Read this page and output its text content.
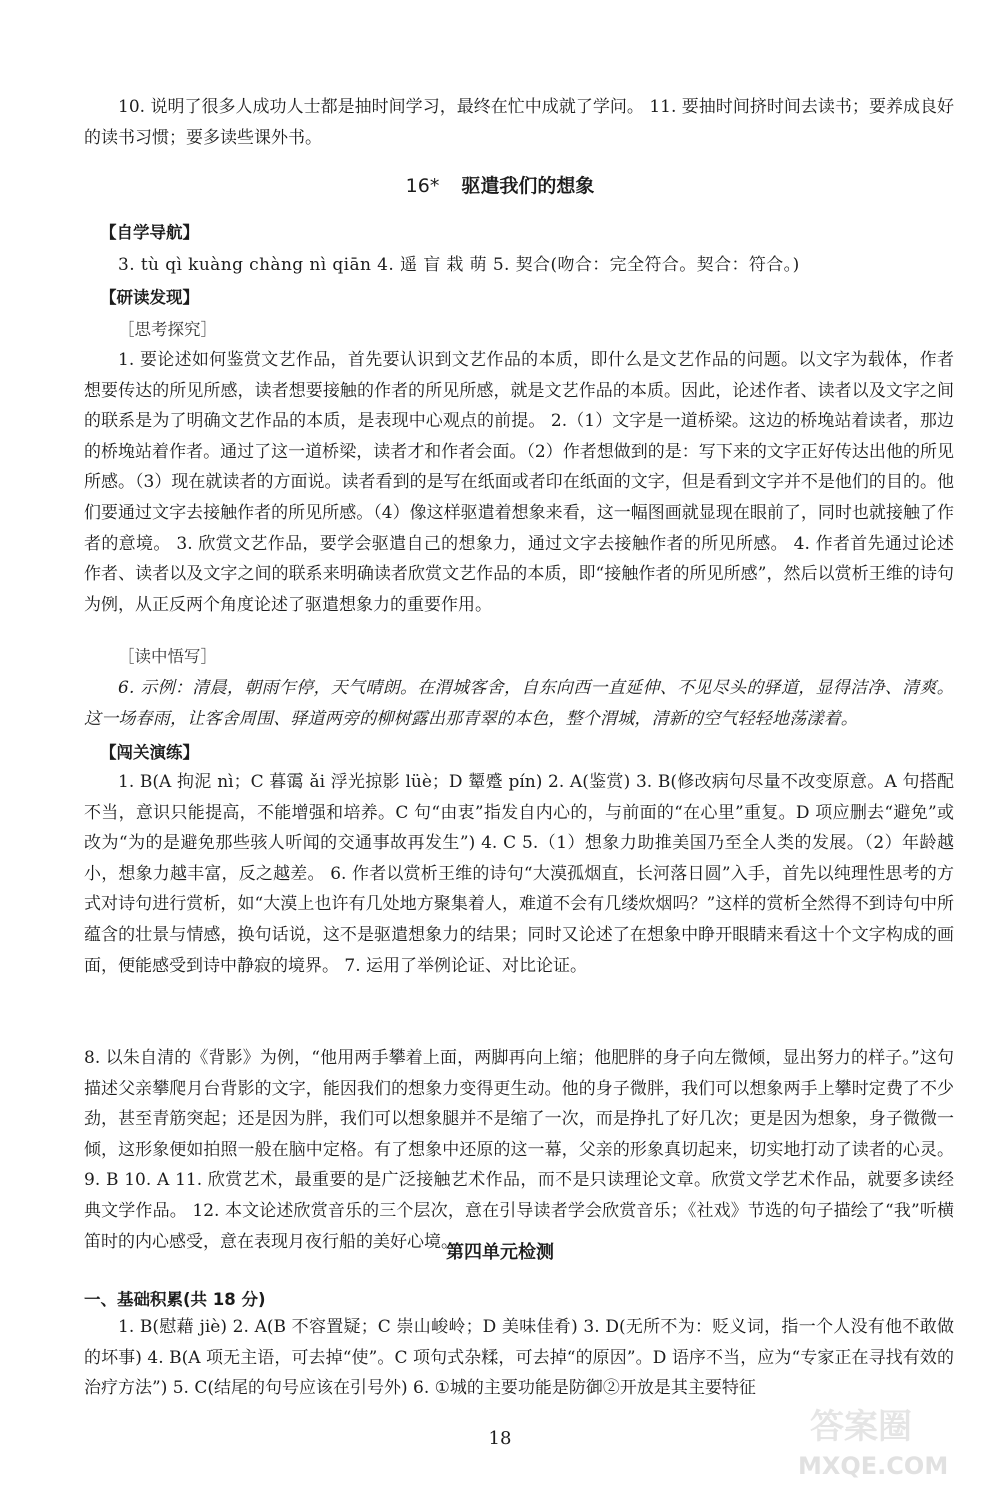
10. 说明了很多人成功人士都是抽时间学习，最终在忙中成就了学问。 11. 要抽时间挤时间去读书；要养成良好的读书习惯；要多读些课外书。

16* 驱遣我们的想象

【自学导航】

3. tù qì kuàng chàng nì qiān 4. 遥 盲 栽 萌 5. 契合(吻合：完全符合。契合：符合。)

【研读发现】

［思考探究］

1. 要论述如何鉴赏文艺作品，首先要认识到文艺作品的本质，即什么是文艺作品的问题。以文字为载体，作者想要传达的所见所感，读者想要接触的作者的所见所感，就是文艺作品的本质。因此，论述作者、读者以及文字之间的联系是为了明确文艺作品的本质，是表现中心观点的前提。 2.（1）文字是一道桥梁。这边的桥堍站着读者，那边的桥堍站着作者。通过了这一道桥梁，读者才和作者会面。（2）作者想做到的是：写下来的文字正好传达出他的所见所感。（3）现在就读者的方面说。读者看到的是写在纸面或者印在纸面的文字，但是看到文字并不是他们的目的。他们要通过文字去接触作者的所见所感。（4）像这样驱遣着想象来看，这一幅图画就显现在眼前了，同时也就接触了作者的意境。 3. 欣赏文艺作品，要学会驱遣自己的想象力，通过文字去接触作者的所见所感。 4. 作者首先通过论述作者、读者以及文字之间的联系来明确读者欣赏文艺作品的本质，即“接触作者的所见所感”，然后以赏析王维的诗句为例，从正反两个角度论述了驱遣想象力的重要作用。

［读中悟写］

6. 示例：清晨，朝雨乍停，天气晴朗。在渭城客舍，自东向西一直延伸、不见尽头的驿道，显得洁净、清爽。这一场春雨，让客舍周围、驿道两旁的柳树露出那青翠的本色，整个渭城，清新的空气轻轻地荡漾着。

【闯关演练】

1. B(A 拘泥 nì；C 暮霭 ǎi 浮光掠影 lüè；D 颦蹙 pín) 2. A(鉴赏) 3. B(修改病句尽量不改变原意。A 句搭配不当，意识只能提高，不能增强和培养。C 句“由衷”指发自内心的，与前面的“在心里”重复。D 项应删去“避免”或改为“为的是避免那些骇人听闻的交通事故再发生”) 4. C 5.（1）想象力助推美国乃至全人类的发展。（2）年龄越小，想象力越丰富，反之越差。 6. 作者以赏析王维的诗句“大漠孤烟直，长河落日圆”入手，首先以纯理性思考的方式对诗句进行赏析，如“大漠上也许有几处地方聚集着人，难道不会有几缕炊烟吗？”这样的赏析全然得不到诗句中所蕴含的壮景与情感，换句话说，这不是驱遣想象力的结果；同时又论述了在想象中睁开眼睛来看这十个文字构成的画面，便能感受到诗中静寂的境界。 7. 运用了举例论证、对比论证。

8. 以朱自清的《背影》为例，“他用两手攀着上面，两脚再向上缩；他肥胖的身子向左微倾，显出努力的样子。”这句描述父亲攀爬月台背影的文字，能因我们的想象力变得更生动。他的身子微胖，我们可以想象两手上攀时定费了不少劲，甚至青筋突起；还是因为胖，我们可以想象腿并不是缩了一次，而是挣扎了好几次；更是因为想象，身子微微一倾，这形象便如拍照一般在脑中定格。有了想象中还原的这一幕，父亲的形象真切起来，切实地打动了读者的心灵。 9. B 10. A 11. 欣赏艺术，最重要的是广泛接触艺术作品，而不是只读理论文章。欣赏文学艺术作品，就要多读经典文学作品。 12. 本文论述欣赏音乐的三个层次，意在引导读者学会欣赏音乐；《社戏》节选的句子描绘了“我”听横笛时的内心感受，意在表现月夜行船的美好心境。

第四单元检测

一、基础积累(共 18 分)

1. B(慰藉 jiè) 2. A(B 不容置疑；C 崇山峻岭；D 美味佳肴) 3. D(无所不为：贬义词，指一个人没有他不敢做的坏事) 4. B(A 项无主语，可去掉“使”。C 项句式杂糅，可去掉“的原因”。D 语序不当，应为“专家正在寻找有效的治疗方法”) 5. C(结尾的句号应该在引号外) 6. ①城的主要功能是防御②开放是其主要特征

18	答案圈
MXQE.COM
